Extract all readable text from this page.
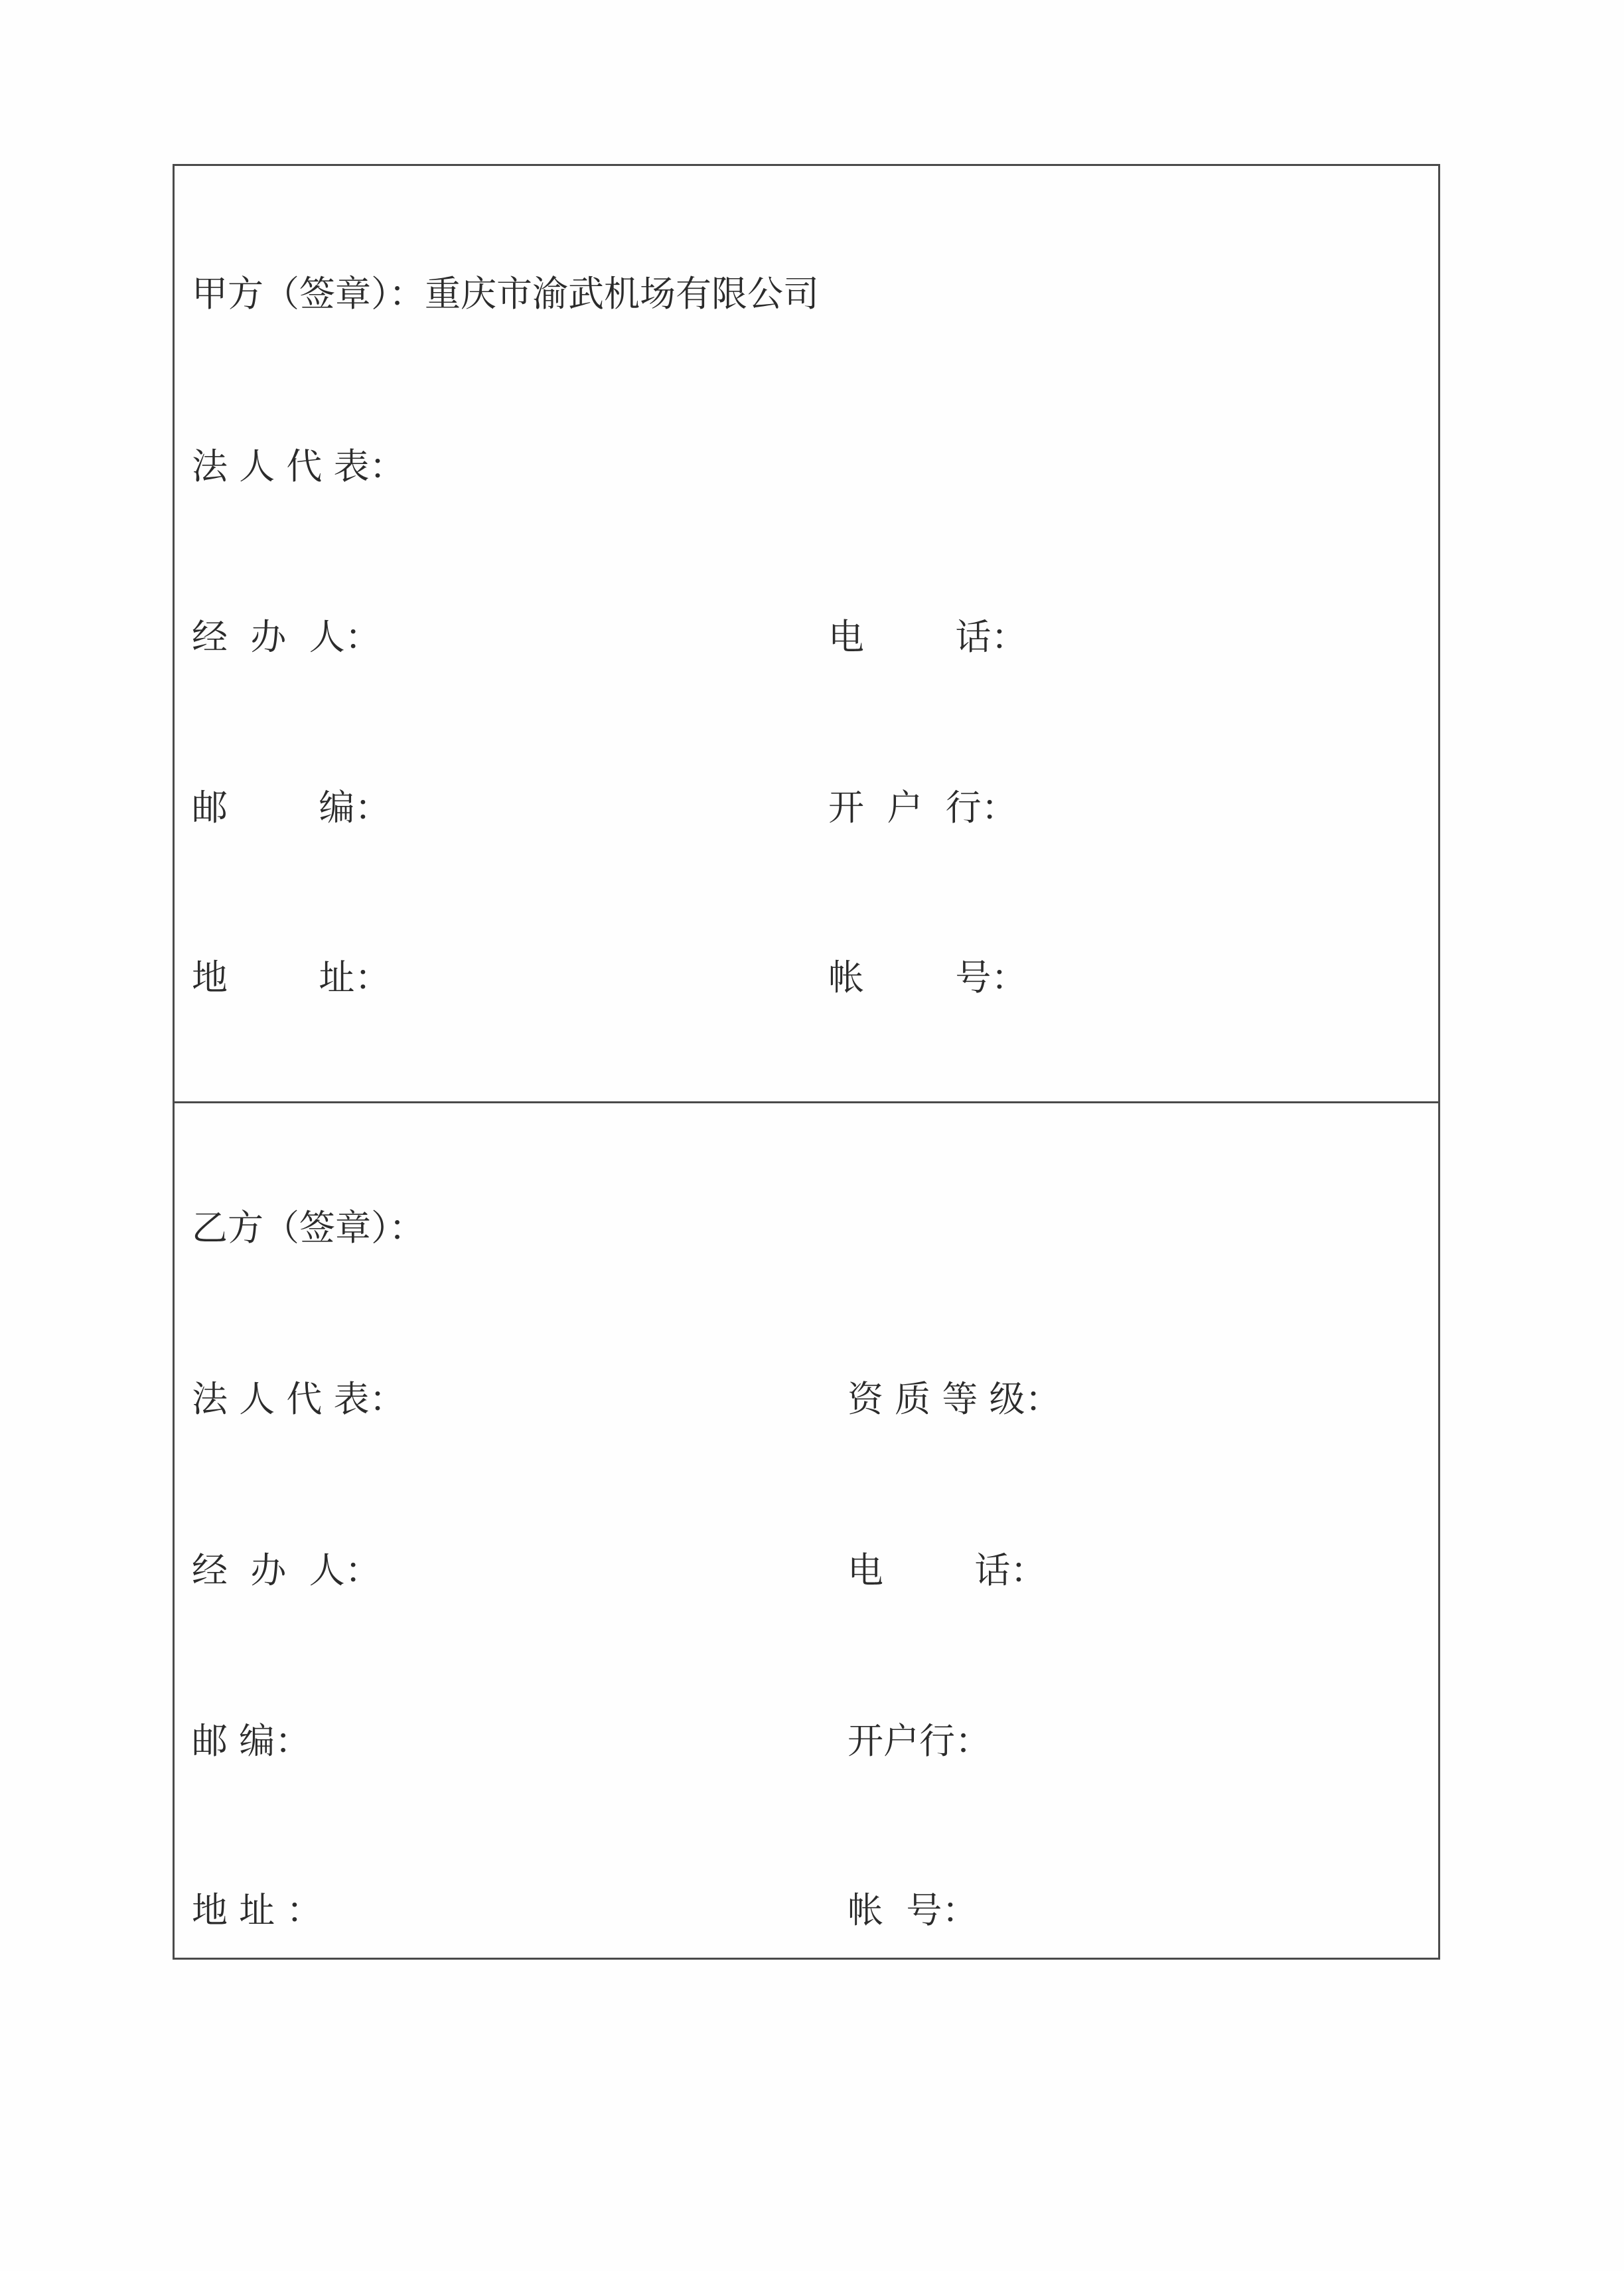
甲方（签章）：重庆市渝武机场有限公司
法 人 代 表：
经  办  人：	电        话：
邮        编：	开  户  行：
地        址：	帐        号：
乙方（签章）：
法 人 代 表：	资 质 等 级：
经  办  人：	电        话：
邮 编：	开户行：
地 址 ：	帐  号：
